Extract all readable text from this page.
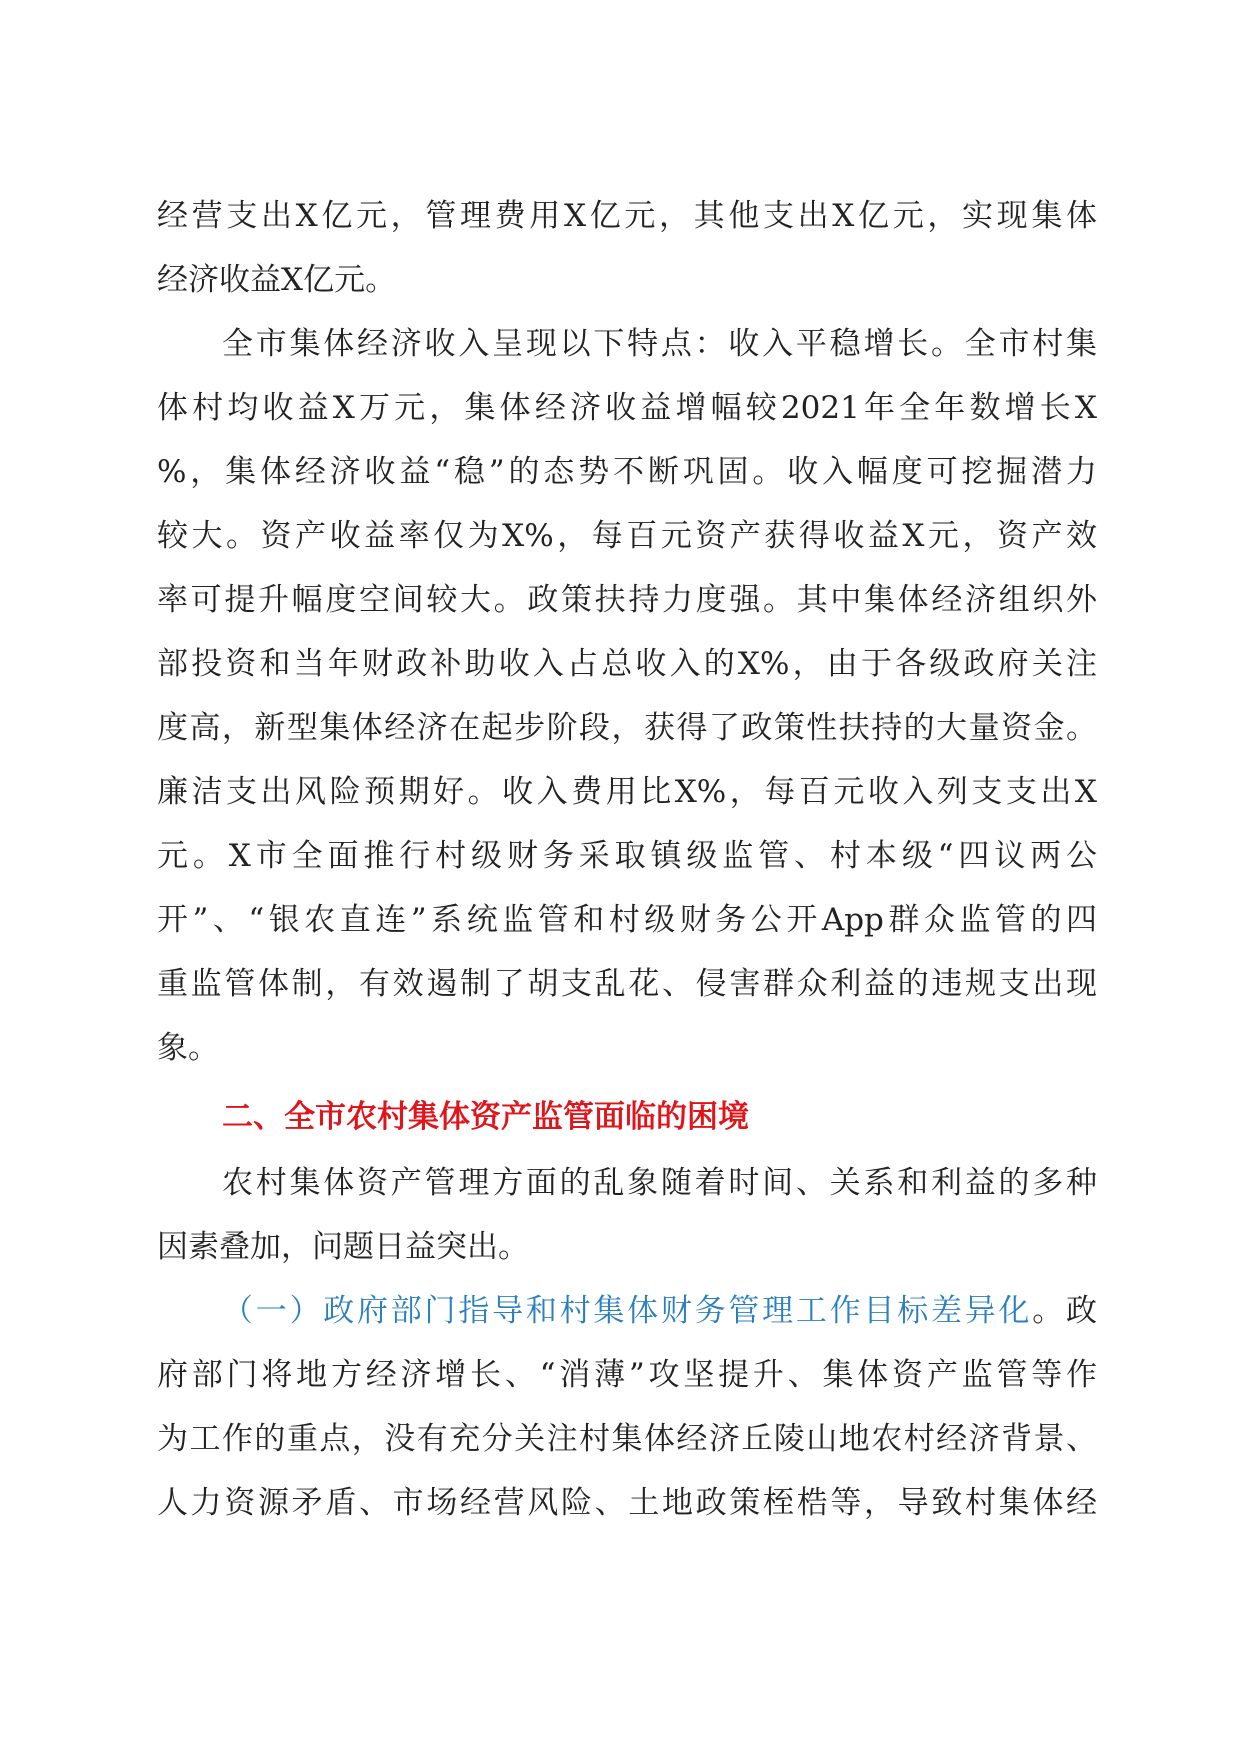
经营支出X亿元，管理费用X亿元，其他支出X亿元，实现集体
经济收益X亿元。
全市集体经济收入呈现以下特点：收入平稳增长。全市村集
体村均收益X万元，集体经济收益增幅较2021年全年数增长X
%，集体经济收益“稳”的态势不断巩固。收入幅度可挖掘潜力
较大。资产收益率仅为X%，每百元资产获得收益X元，资产效
率可提升幅度空间较大。政策扶持力度强。其中集体经济组织外
部投资和当年财政补助收入占总收入的X%，由于各级政府关注
度高，新型集体经济在起步阶段，获得了政策性扶持的大量资金。
廉洁支出风险预期好。收入费用比X%，每百元收入列支支出X
元。X市全面推行村级财务采取镇级监管、村本级“四议两公
开”、“银农直连”系统监管和村级财务公开App群众监管的四
重监管体制，有效遏制了胡支乱花、侵害群众利益的违规支出现
象。
二、全市农村集体资产监管面临的困境
农村集体资产管理方面的乱象随着时间、关系和利益的多种
因素叠加，问题日益突出。
（一）政府部门指导和村集体财务管理工作目标差异化。政
府部门将地方经济增长、“消薄”攻坚提升、集体资产监管等作
为工作的重点，没有充分关注村集体经济丘陵山地农村经济背景、
人力资源矛盾、市场经营风险、土地政策桎梏等，导致村集体经
